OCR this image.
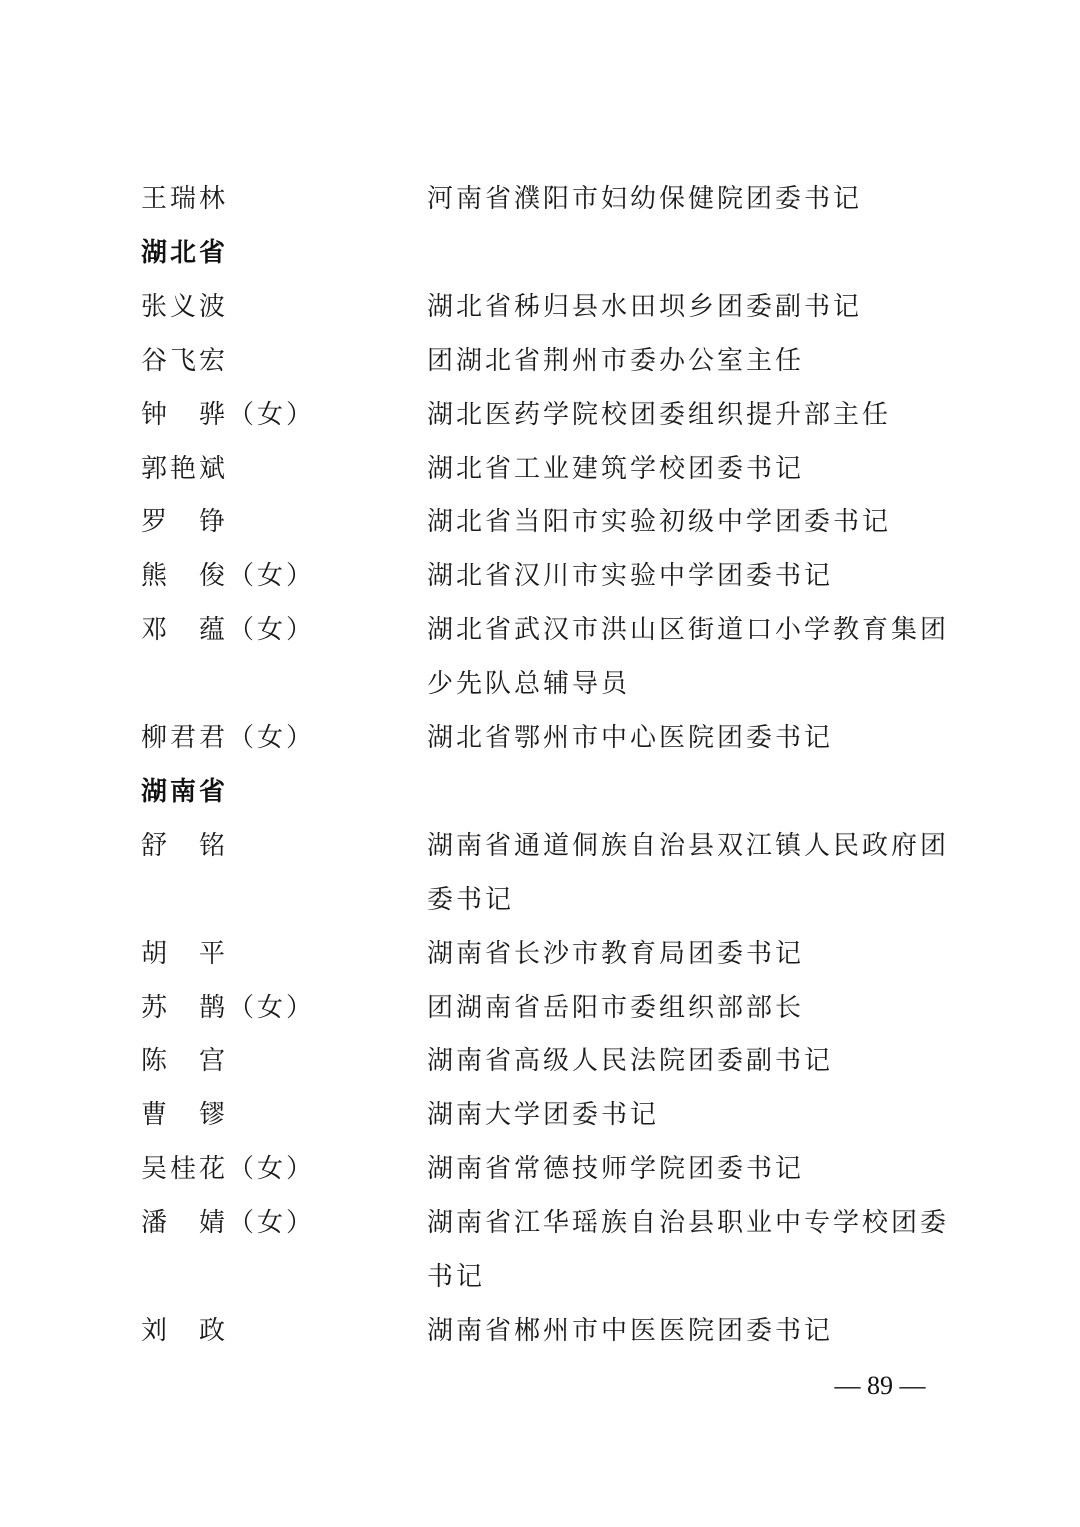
王瑞林	河南省濮阳市妇幼保健院团委书记
湖北省
张义波	湖北省秭归县水田坝乡团委副书记
谷飞宏	团湖北省荆州市委办公室主任
钟　骅（女）	湖北医药学院校团委组织提升部主任
郭艳斌	湖北省工业建筑学校团委书记
罗　铮	湖北省当阳市实验初级中学团委书记
熊　俊（女）	湖北省汉川市实验中学团委书记
邓　蕴（女）	湖北省武汉市洪山区街道口小学教育集团
少先队总辅导员
柳君君（女）	湖北省鄂州市中心医院团委书记
湖南省
舒　铭	湖南省通道侗族自治县双江镇人民政府团
委书记
胡　平	湖南省长沙市教育局团委书记
苏　鹊（女）	团湖南省岳阳市委组织部部长
陈　宫	湖南省高级人民法院团委副书记
曹　镠	湖南大学团委书记
吴桂花（女）	湖南省常德技师学院团委书记
潘　婧（女）	湖南省江华瑶族自治县职业中专学校团委
书记
刘　政	湖南省郴州市中医医院团委书记
— 89 —
